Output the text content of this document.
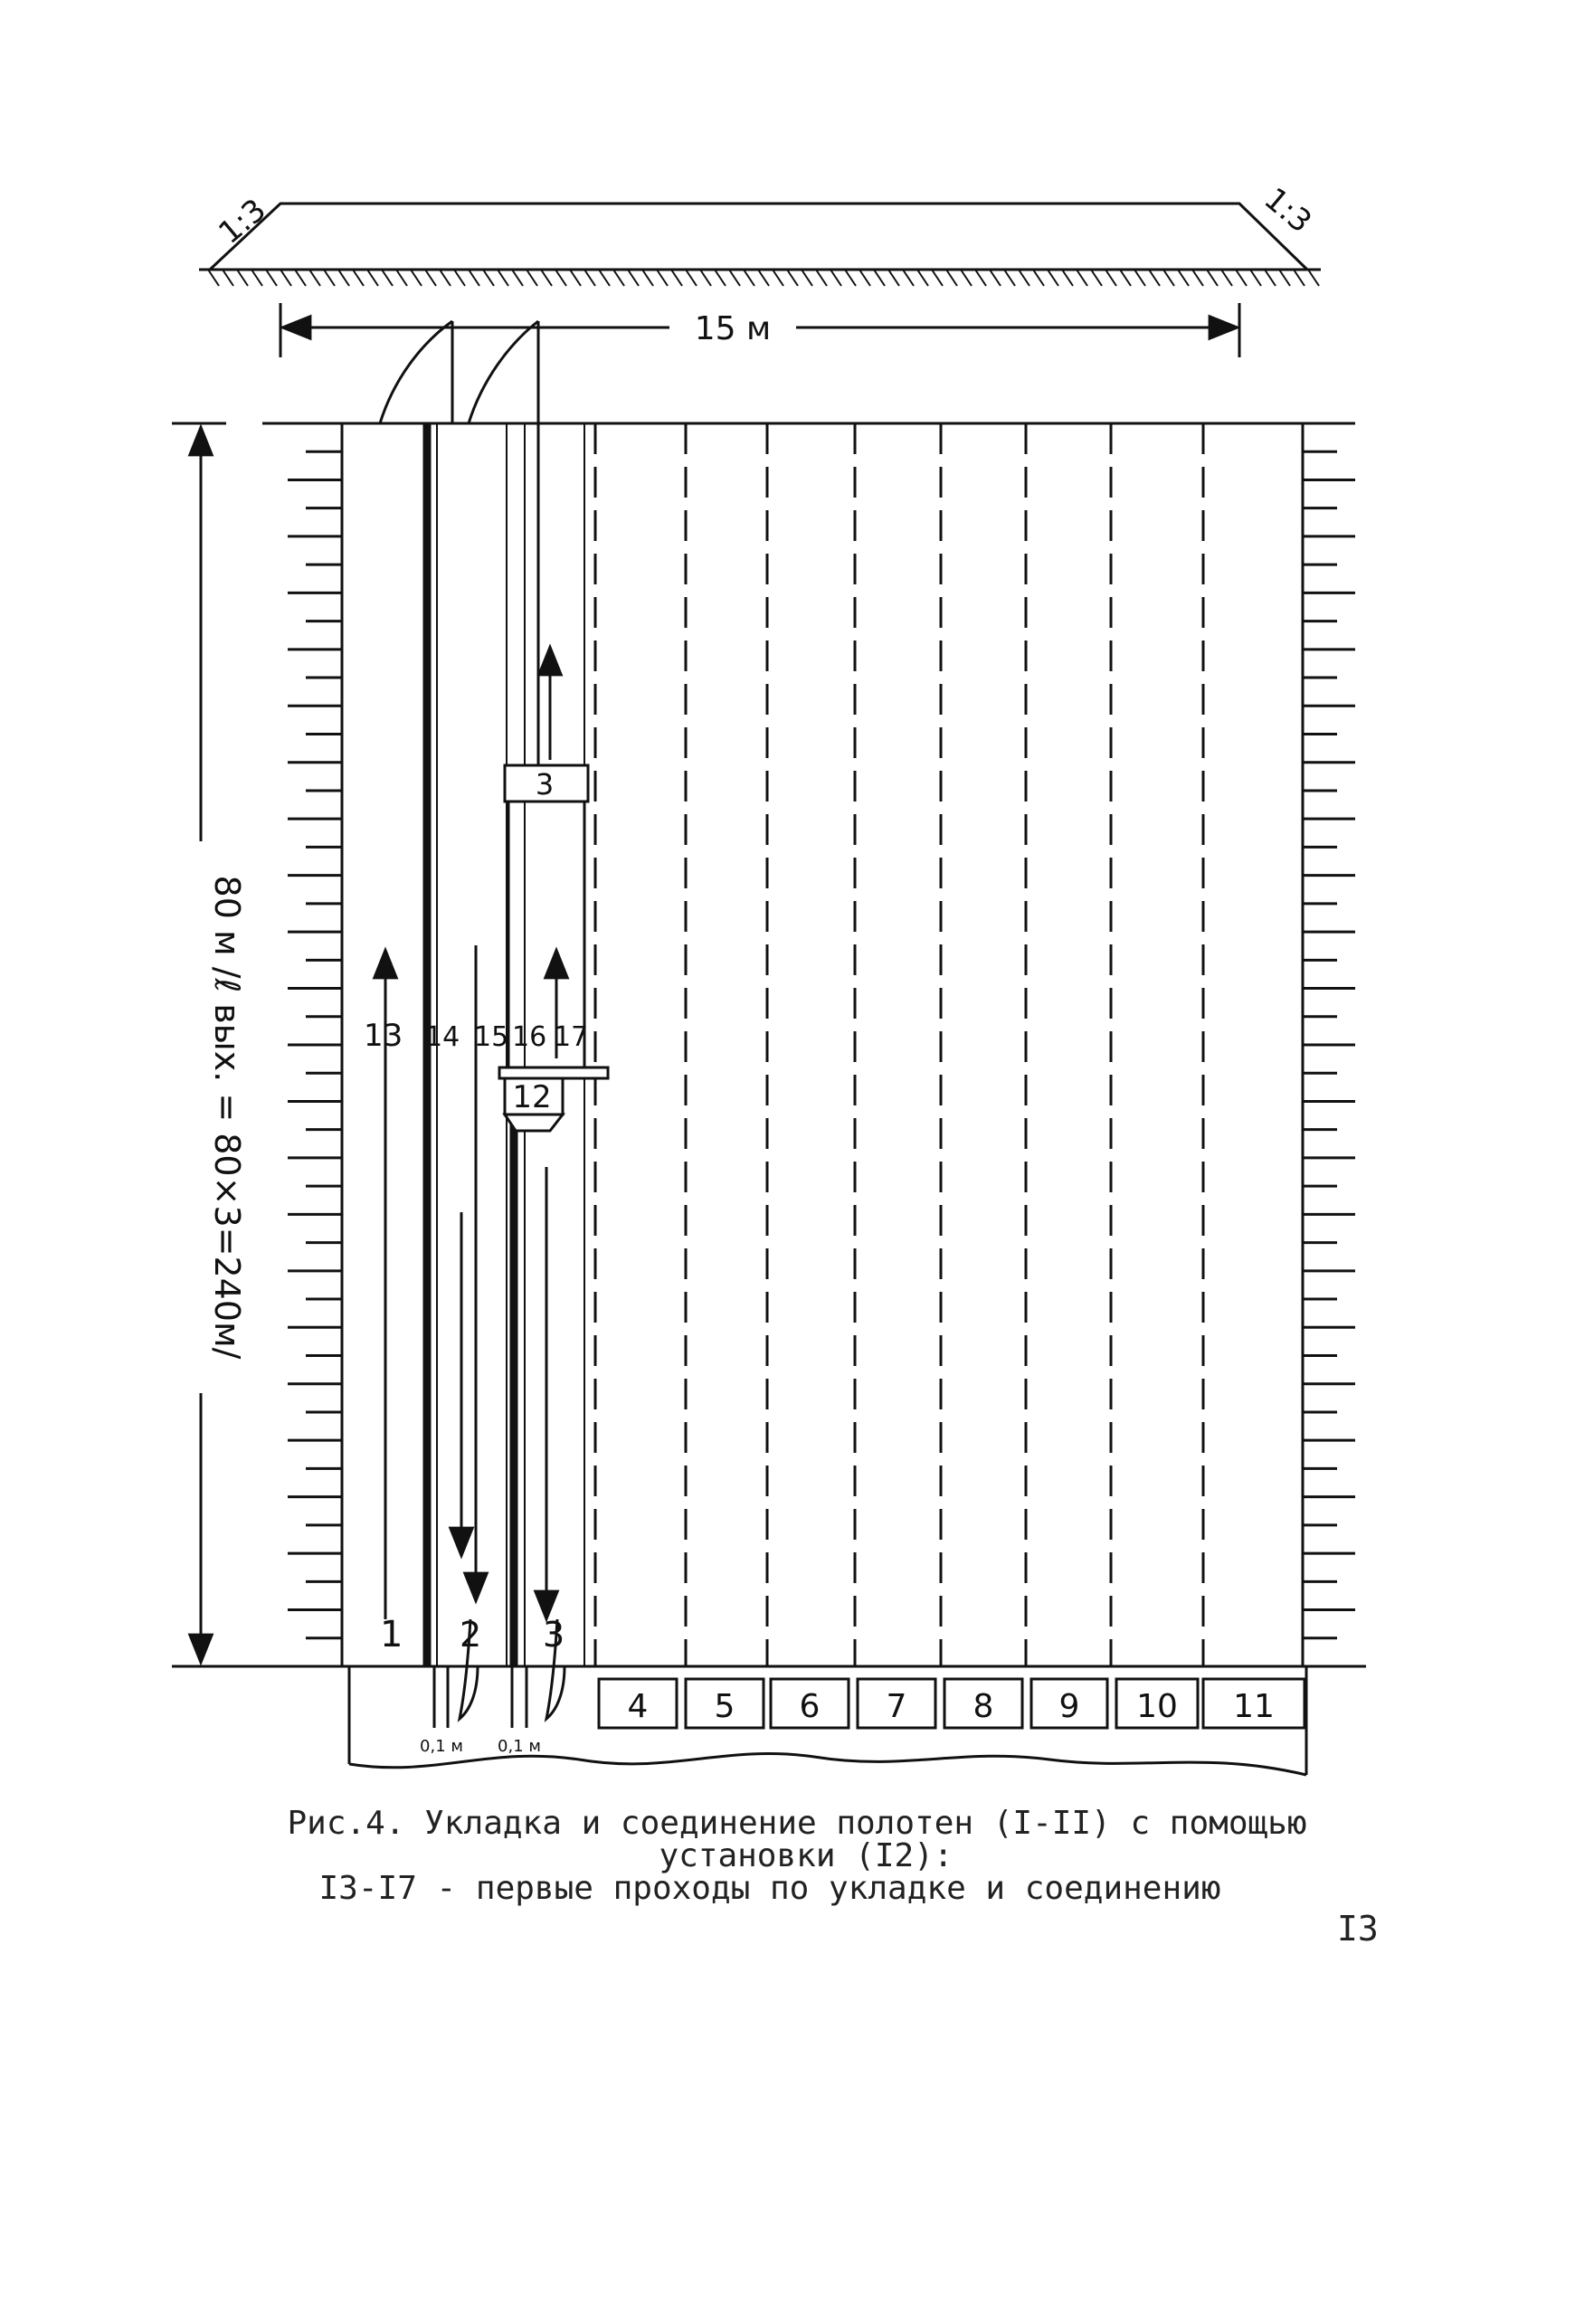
1:3	1:3
15 м
80 м /ℓ вых. = 80×3=240м/
3
12
13 14 15 16 17
1 2 3
0,1 м 0,1 м
4 5 6 7 8 9 10 11
Рис.4. Укладка и соединение полотен (I-II) с помощью
установки (I2):
I3-I7 - первые проходы по укладке и соединению
I3
